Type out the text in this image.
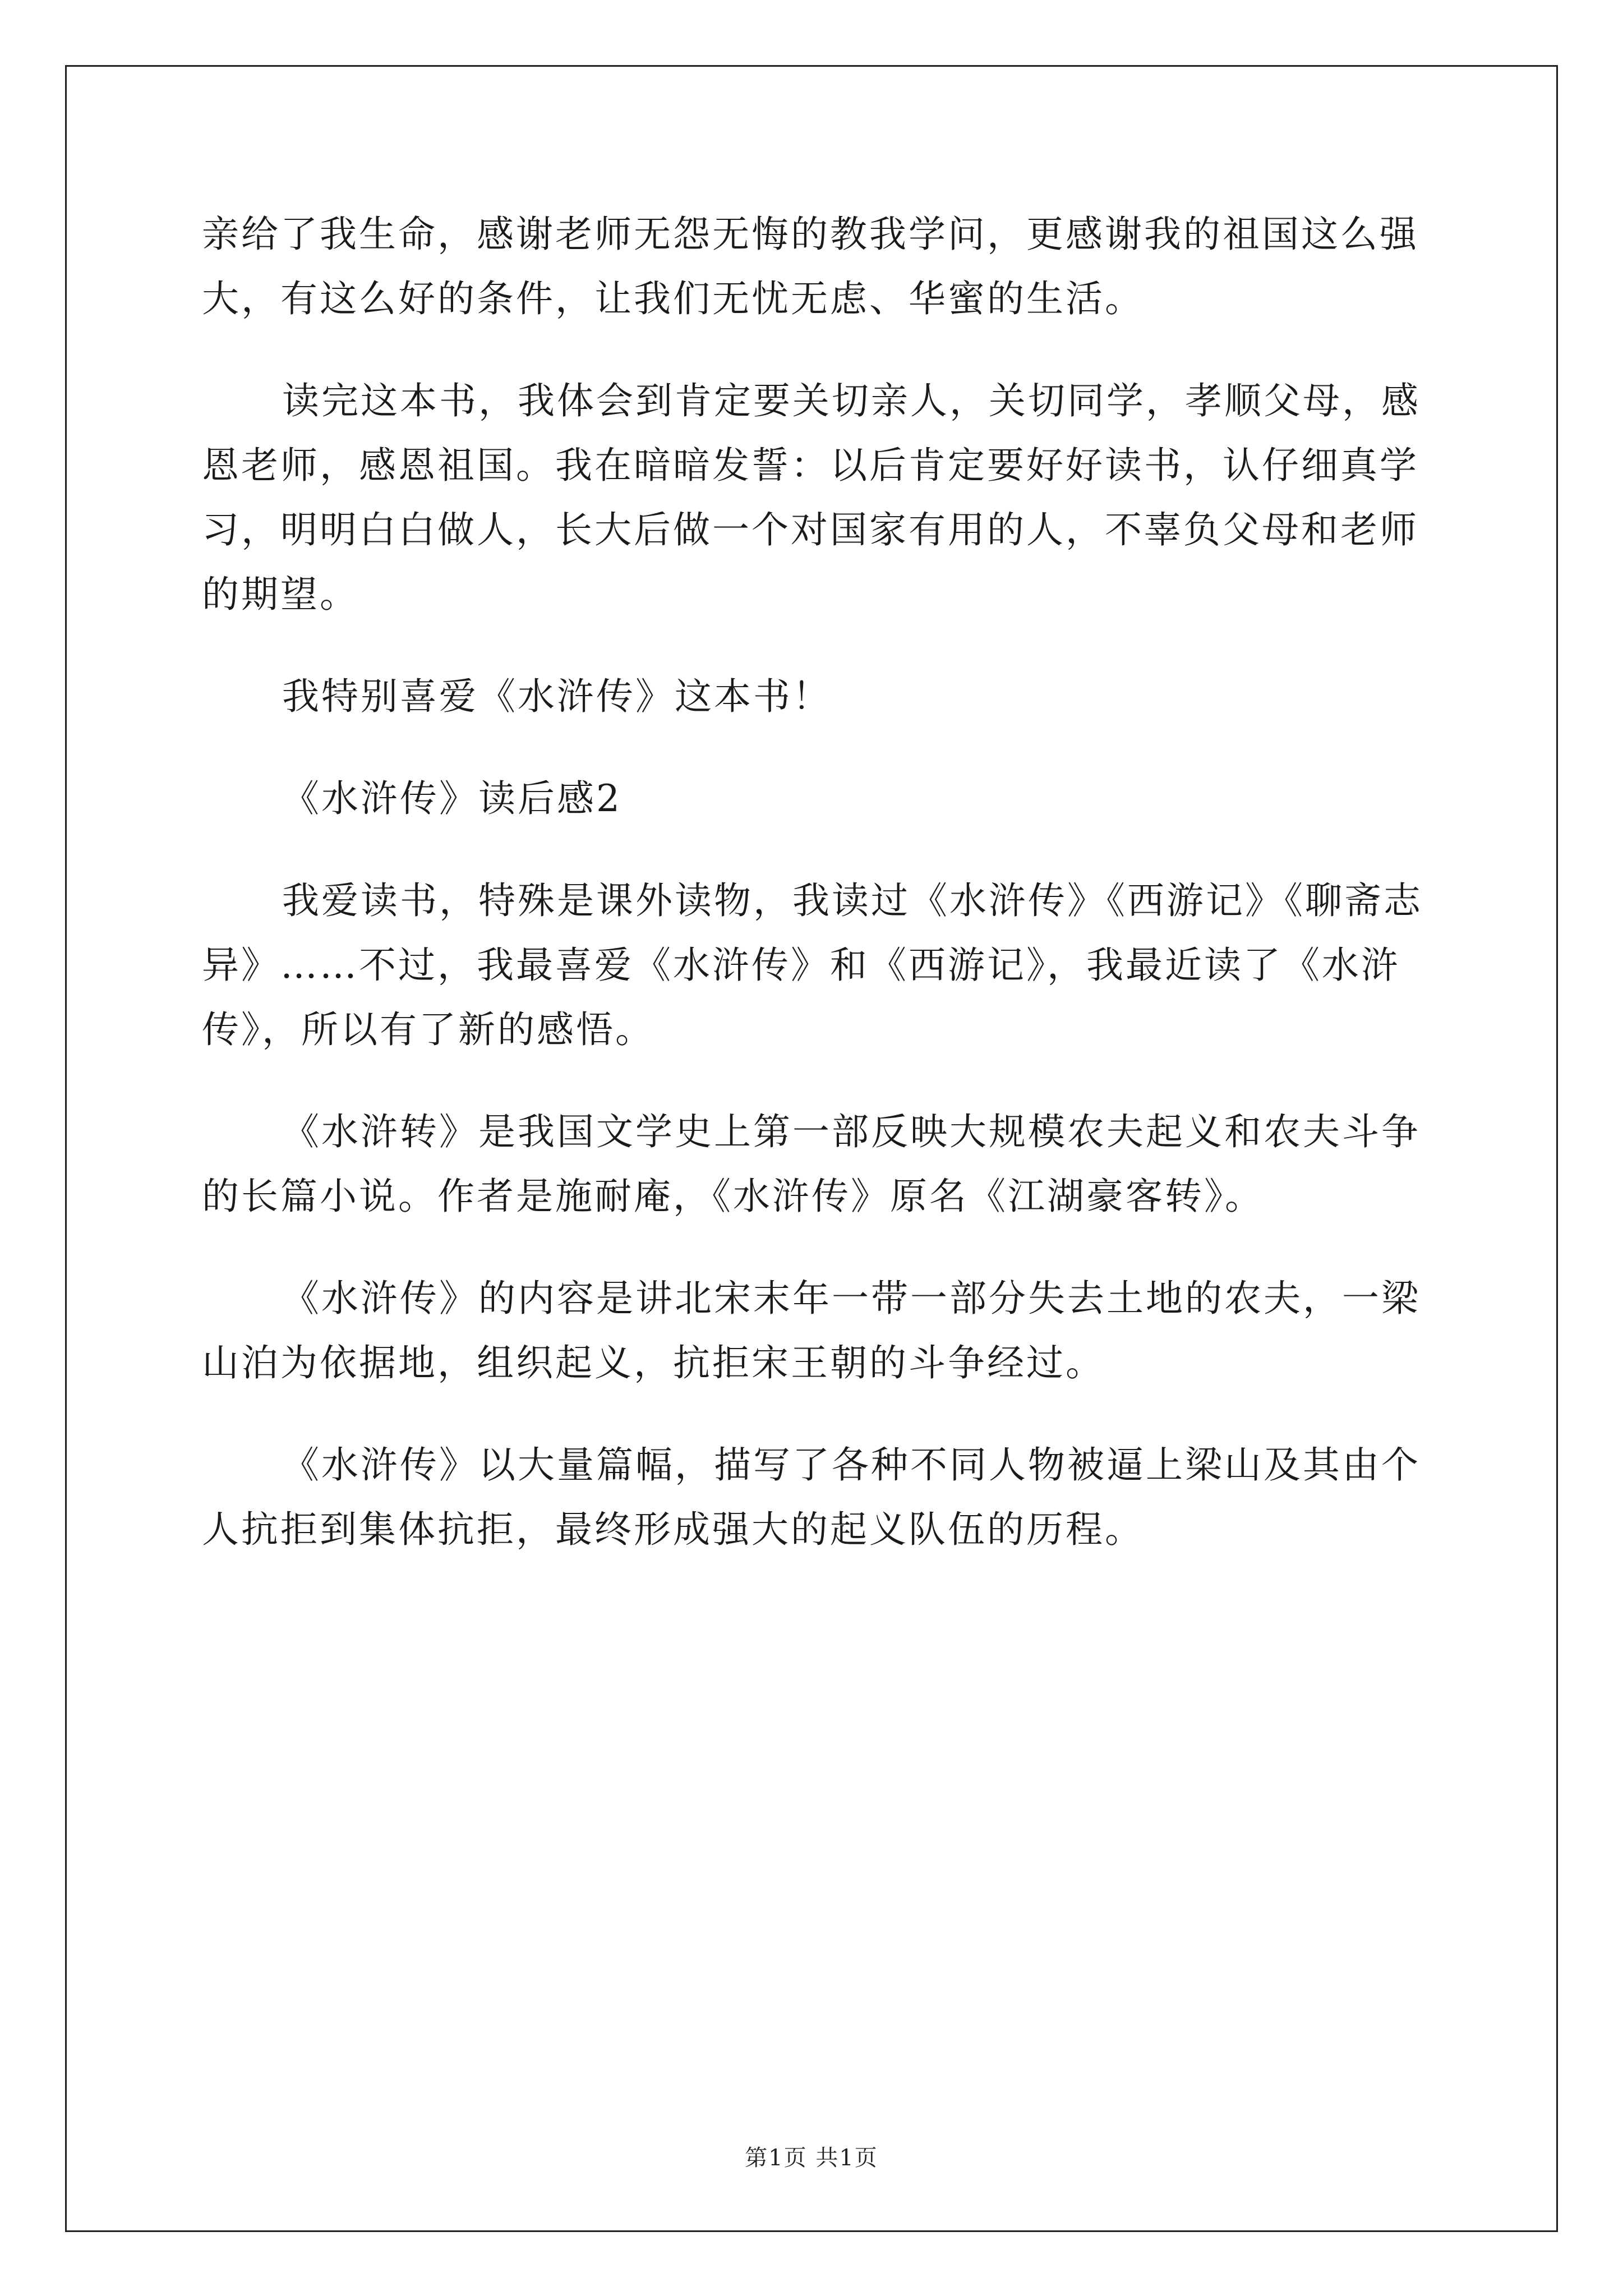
亲给了我生命，感谢老师无怨无悔的教我学问，更感谢我的祖国这么强大，有这么好的条件，让我们无忧无虑、华蜜的生活。

读完这本书，我体会到肯定要关切亲人，关切同学，孝顺父母，感恩老师，感恩祖国。我在暗暗发誓：以后肯定要好好读书，认仔细真学习，明明白白做人，长大后做一个对国家有用的人，不辜负父母和老师的期望。

我特别喜爱《水浒传》这本书！

《水浒传》读后感2

我爱读书，特殊是课外读物，我读过《水浒传》《西游记》《聊斋志异》……不过，我最喜爱《水浒传》和《西游记》，我最近读了《水浒传》，所以有了新的感悟。

《水浒转》是我国文学史上第一部反映大规模农夫起义和农夫斗争的长篇小说。作者是施耐庵，《水浒传》原名《江湖豪客转》。

《水浒传》的内容是讲北宋末年一带一部分失去土地的农夫，一梁山泊为依据地，组织起义，抗拒宋王朝的斗争经过。

《水浒传》以大量篇幅，描写了各种不同人物被逼上梁山及其由个人抗拒到集体抗拒，最终形成强大的起义队伍的历程。

第1页 共1页
